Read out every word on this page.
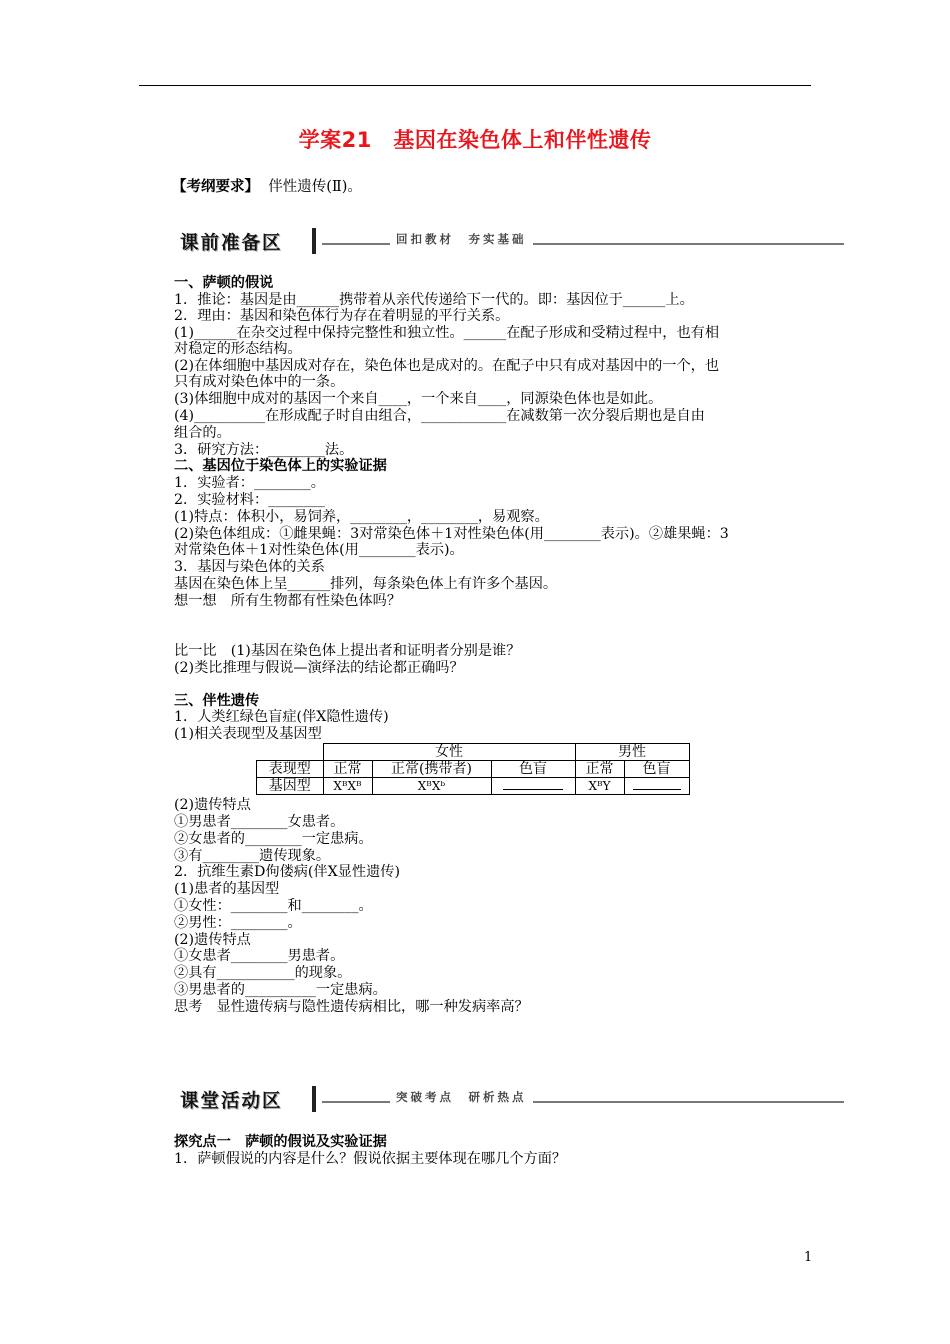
学案21　基因在染色体上和伴性遗传
【考纲要求】 伴性遗传(Ⅱ)。
课前准备区	回扣教材　夯实基础
一、萨顿的假说
1．推论：基因是由______携带着从亲代传递给下一代的。即：基因位于______上。
2．理由：基因和染色体行为存在着明显的平行关系。
(1)______在杂交过程中保持完整性和独立性。______在配子形成和受精过程中，也有相
对稳定的形态结构。
(2)在体细胞中基因成对存在，染色体也是成对的。在配子中只有成对基因中的一个，也
只有成对染色体中的一条。
(3)体细胞中成对的基因一个来自____，一个来自____，同源染色体也是如此。
(4)__________在形成配子时自由组合，____________在减数第一次分裂后期也是自由
组合的。
3．研究方法：________法。
二、基因位于染色体上的实验证据
1．实验者：________。
2．实验材料：________
(1)特点：体积小，易饲养，________，________，易观察。
(2)染色体组成：①雌果蝇：3对常染色体＋1对性染色体(用________表示)。②雄果蝇：3
对常染色体＋1对性染色体(用________表示)。
3．基因与染色体的关系
基因在染色体上呈______排列，每条染色体上有许多个基因。
想一想　所有生物都有性染色体吗？
比一比　(1)基因在染色体上提出者和证明者分别是谁？
(2)类比推理与假说—演绎法的结论都正确吗？
三、伴性遗传
1．人类红绿色盲症(伴X隐性遗传)
(1)相关表现型及基因型
	女性			男性	
表现型	正常	正常(携带者)	色盲	正常	色盲
基因型	XᴮXᴮ	XᴮXᵇ		XᴮY	
(2)遗传特点
①男患者________女患者。
②女患者的________一定患病。
③有________遗传现象。
2．抗维生素D佝偻病(伴X显性遗传)
(1)患者的基因型
①女性：________和________。
②男性：________。
(2)遗传特点
①女患者________男患者。
②具有___________的现象。
③男患者的__________一定患病。
思考　显性遗传病与隐性遗传病相比，哪一种发病率高？
课堂活动区	突破考点　研析热点
探究点一　萨顿的假说及实验证据
1．萨顿假说的内容是什么？假说依据主要体现在哪几个方面？
1
